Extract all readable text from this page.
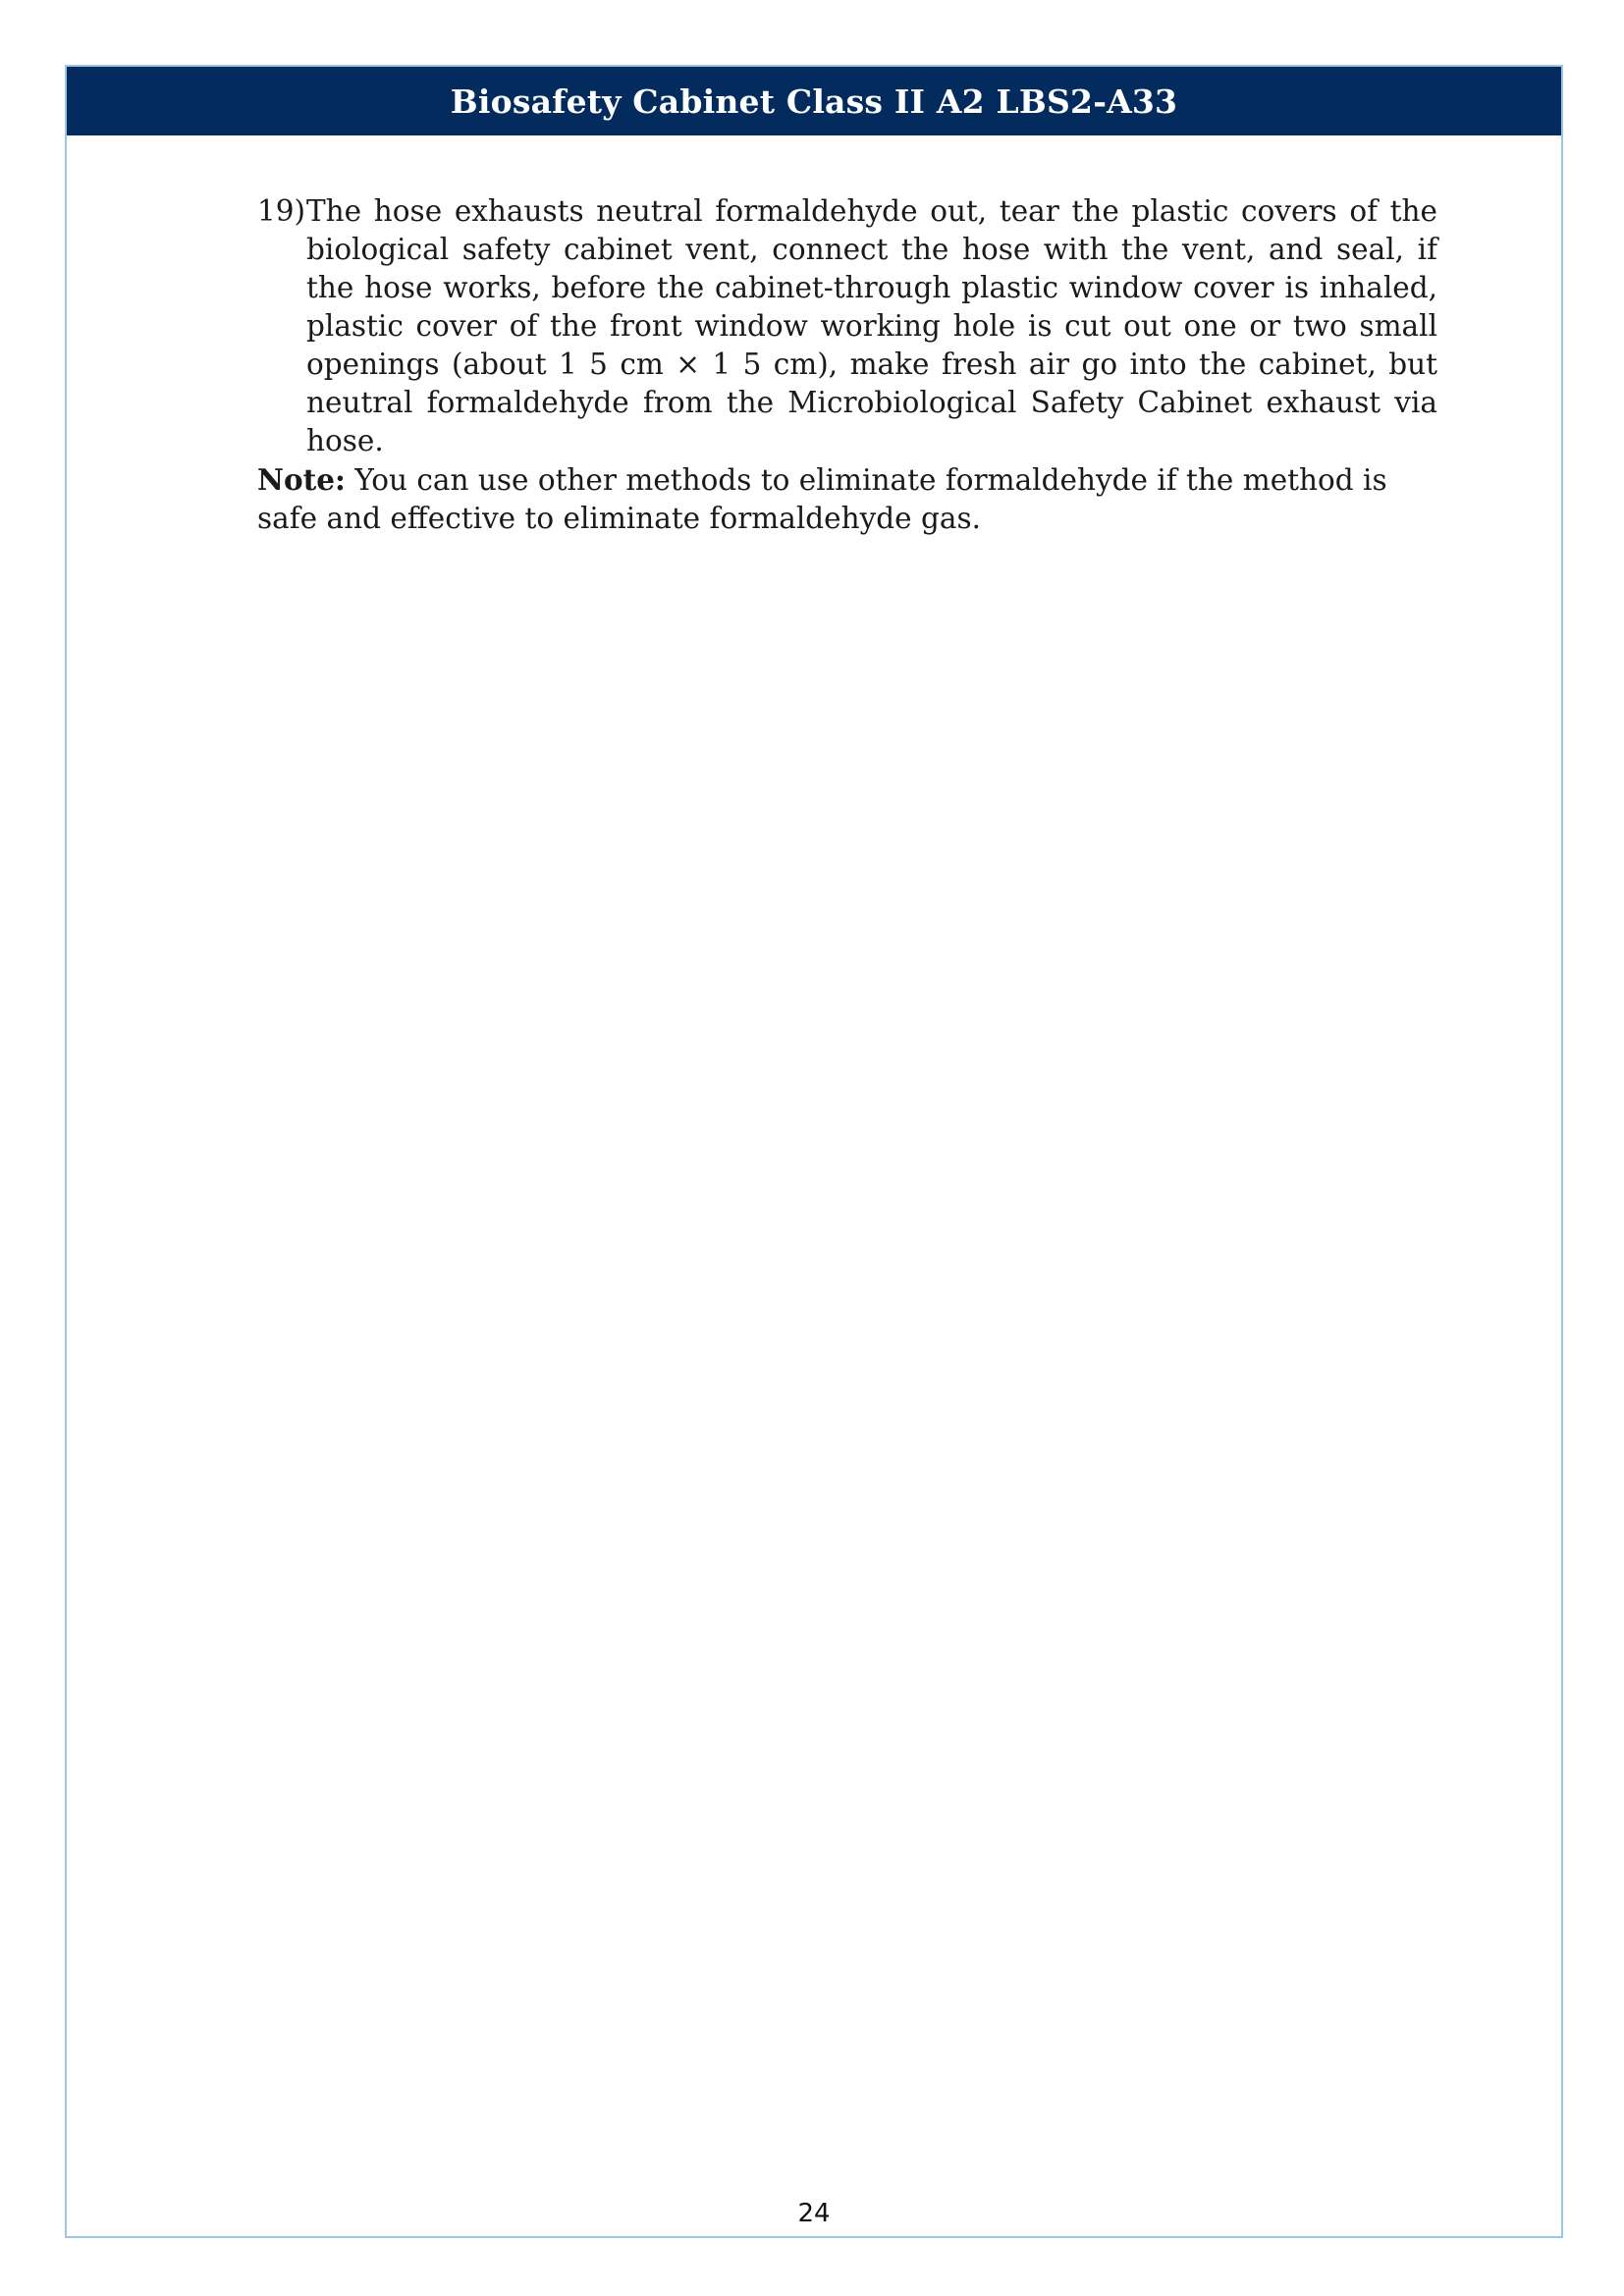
Biosafety Cabinet Class II A2 LBS2-A33

19)The hose exhausts neutral formaldehyde out, tear the plastic covers of the biological safety cabinet vent, connect the hose with the vent, and seal, if the hose works, before the cabinet-through plastic window cover is inhaled, plastic cover of the front window working hole is cut out one or two small openings (about 1 5 cm × 1 5 cm), make fresh air go into the cabinet, but neutral formaldehyde from the Microbiological Safety Cabinet exhaust via hose.

Note: You can use other methods to eliminate formaldehyde if the method is safe and effective to eliminate formaldehyde gas.

24
